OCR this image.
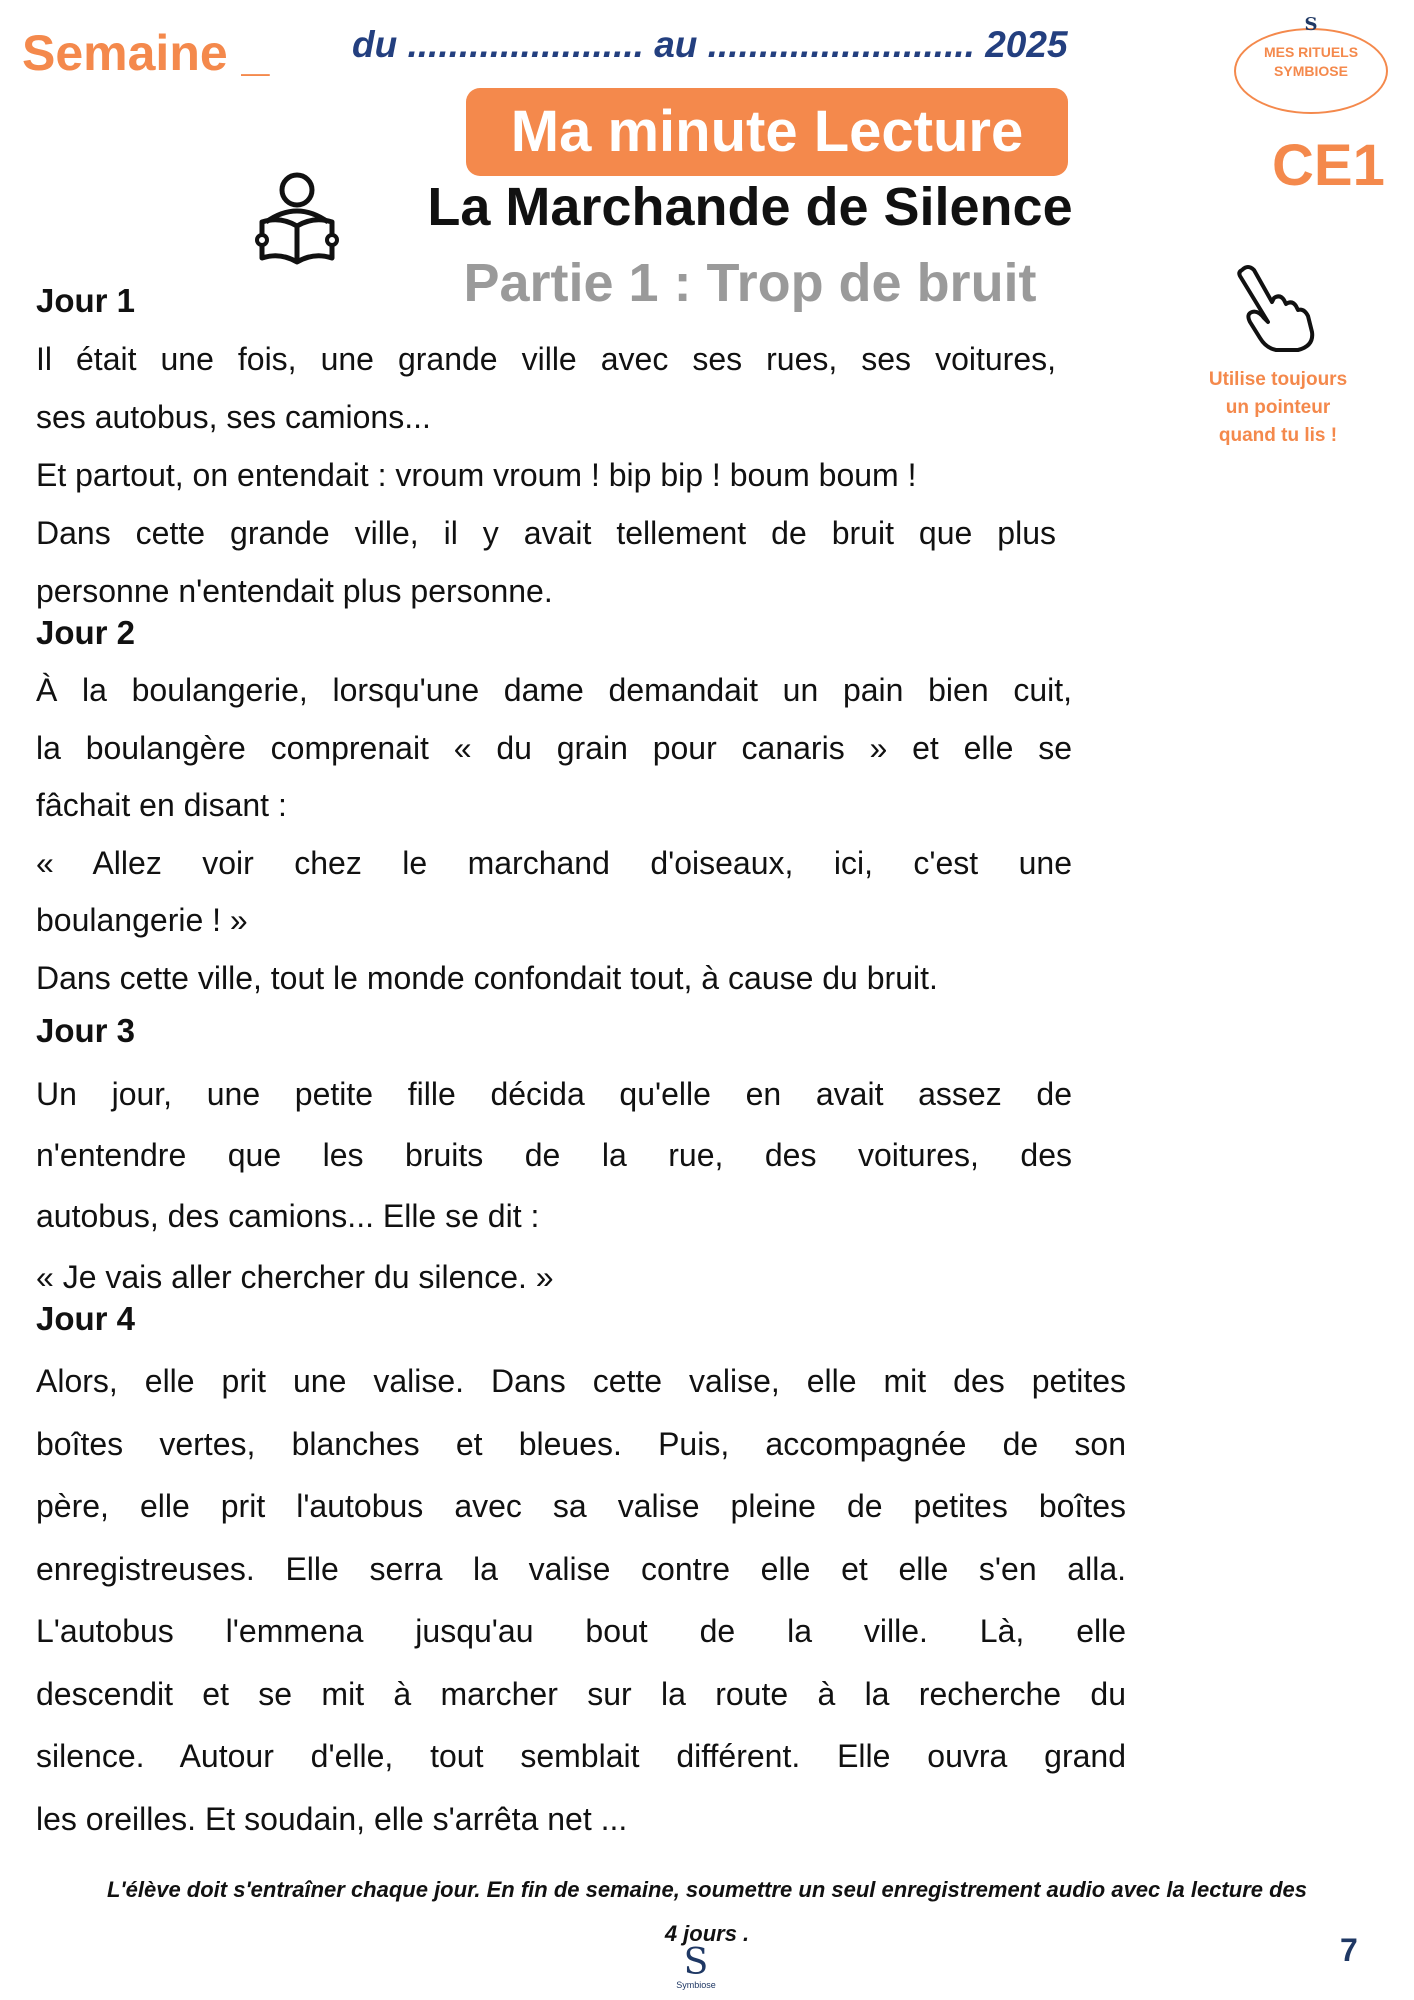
Semaine _ du ....................... au .......................... 2025	S
MES RITUELS
SYMBIOSE
CE1
Ma minute Lecture
La Marchande de Silence
Partie 1 : Trop de bruit
Utilise toujours
un pointeur
quand tu lis !
Jour 1
Il était une fois, une grande ville avec ses rues, ses voitures,
ses autobus, ses camions...
Et partout, on entendait : vroum vroum ! bip bip ! boum boum !
Dans cette grande ville, il y avait tellement de bruit que plus
personne n'entendait plus personne.
Jour 2
À la boulangerie, lorsqu'une dame demandait un pain bien cuit,
la boulangère comprenait « du grain pour canaris » et elle se
fâchait en disant :
« Allez voir chez le marchand d'oiseaux, ici, c'est une
boulangerie ! »
Dans cette ville, tout le monde confondait tout, à cause du bruit.
Jour 3
Un jour, une petite fille décida qu'elle en avait assez de
n'entendre que les bruits de la rue, des voitures, des
autobus, des camions... Elle se dit :
« Je vais aller chercher du silence. »
Jour 4
Alors, elle prit une valise. Dans cette valise, elle mit des petites
boîtes vertes, blanches et bleues. Puis, accompagnée de son
père, elle prit l'autobus avec sa valise pleine de petites boîtes
enregistreuses. Elle serra la valise contre elle et elle s'en alla.
L'autobus l'emmena jusqu'au bout de la ville. Là, elle
descendit et se mit à marcher sur la route à la recherche du
silence. Autour d'elle, tout semblait différent. Elle ouvra grand
les oreilles. Et soudain, elle s'arrêta net ...
L'élève doit s'entraîner chaque jour. En fin de semaine, soumettre un seul enregistrement audio avec la lecture des
4 jours .
S
Symbiose
7
